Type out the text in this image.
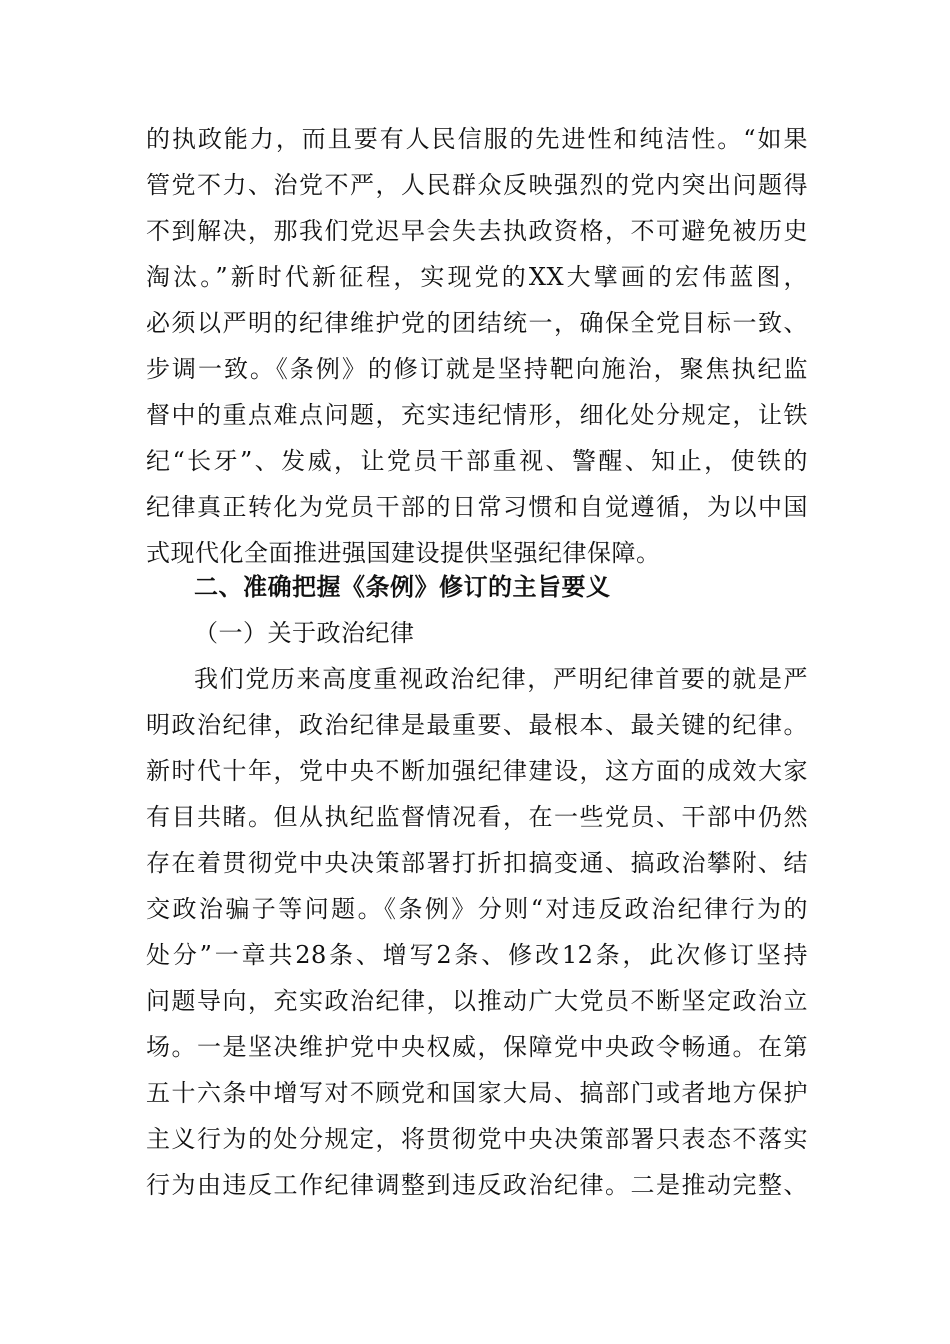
的执政能力，而且要有人民信服的先进性和纯洁性。“如果
管党不力、治党不严，人民群众反映强烈的党内突出问题得
不到解决，那我们党迟早会失去执政资格，不可避免被历史
淘汰。”新时代新征程，实现党的XX大擘画的宏伟蓝图，
必须以严明的纪律维护党的团结统一，确保全党目标一致、
步调一致。《条例》的修订就是坚持靶向施治，聚焦执纪监
督中的重点难点问题，充实违纪情形，细化处分规定，让铁
纪“长牙”、发威，让党员干部重视、警醒、知止，使铁的
纪律真正转化为党员干部的日常习惯和自觉遵循，为以中国
式现代化全面推进强国建设提供坚强纪律保障。
二、准确把握《条例》修订的主旨要义
（一）关于政治纪律
我们党历来高度重视政治纪律，严明纪律首要的就是严
明政治纪律，政治纪律是最重要、最根本、最关键的纪律。
新时代十年，党中央不断加强纪律建设，这方面的成效大家
有目共睹。但从执纪监督情况看，在一些党员、干部中仍然
存在着贯彻党中央决策部署打折扣搞变通、搞政治攀附、结
交政治骗子等问题。《条例》分则“对违反政治纪律行为的
处分”一章共28条、增写2条、修改12条，此次修订坚持
问题导向，充实政治纪律，以推动广大党员不断坚定政治立
场。一是坚决维护党中央权威，保障党中央政令畅通。在第
五十六条中增写对不顾党和国家大局、搞部门或者地方保护
主义行为的处分规定，将贯彻党中央决策部署只表态不落实
行为由违反工作纪律调整到违反政治纪律。二是推动完整、
